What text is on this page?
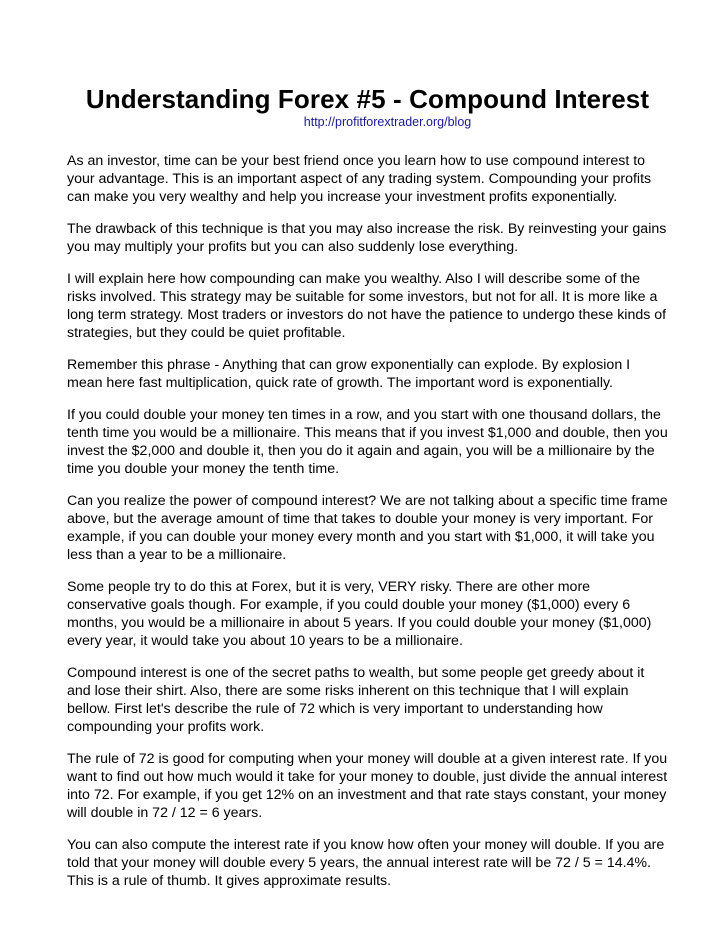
Understanding Forex #5 - Compound Interest
http://profitforextrader.org/blog

As an investor, time can be your best friend once you learn how to use compound interest to your advantage. This is an important aspect of any trading system. Compounding your profits can make you very wealthy and help you increase your investment profits exponentially.

The drawback of this technique is that you may also increase the risk. By reinvesting your gains you may multiply your profits but you can also suddenly lose everything.

I will explain here how compounding can make you wealthy. Also I will describe some of the risks involved. This strategy may be suitable for some investors, but not for all. It is more like a long term strategy. Most traders or investors do not have the patience to undergo these kinds of strategies, but they could be quiet profitable.

Remember this phrase - Anything that can grow exponentially can explode. By explosion I mean here fast multiplication, quick rate of growth. The important word is exponentially.

If you could double your money ten times in a row, and you start with one thousand dollars, the tenth time you would be a millionaire. This means that if you invest $1,000 and double, then you invest the $2,000 and double it, then you do it again and again, you will be a millionaire by the time you double your money the tenth time.

Can you realize the power of compound interest? We are not talking about a specific time frame above, but the average amount of time that takes to double your money is very important. For example, if you can double your money every month and you start with $1,000, it will take you less than a year to be a millionaire.

Some people try to do this at Forex, but it is very, VERY risky. There are other more conservative goals though. For example, if you could double your money ($1,000) every 6 months, you would be a millionaire in about 5 years. If you could double your money ($1,000) every year, it would take you about 10 years to be a millionaire.

Compound interest is one of the secret paths to wealth, but some people get greedy about it and lose their shirt. Also, there are some risks inherent on this technique that I will explain bellow. First let's describe the rule of 72 which is very important to understanding how compounding your profits work.

The rule of 72 is good for computing when your money will double at a given interest rate. If you want to find out how much would it take for your money to double, just divide the annual interest into 72. For example, if you get 12% on an investment and that rate stays constant, your money will double in 72 / 12 = 6 years.

You can also compute the interest rate if you know how often your money will double. If you are told that your money will double every 5 years, the annual interest rate will be 72 / 5 = 14.4%. This is a rule of thumb. It gives approximate results.
